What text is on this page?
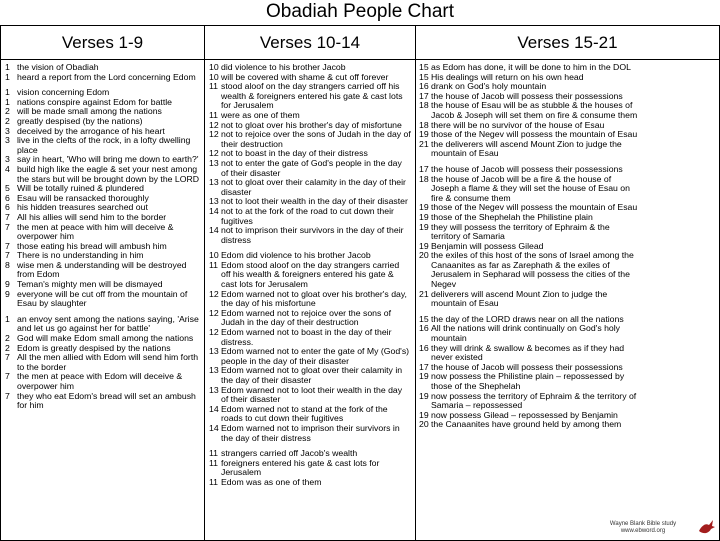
Obadiah People Chart
Verses 1-9	Verses 10-14	Verses 15-21
1 the vision of Obadiah
1 heard a report from the Lord concerning Edom
1 vision concerning Edom
1 nations conspire against Edom for battle
2 will be made small among the nations
2 greatly despised (by the nations)
3 deceived by the arrogance of his heart
3 live in the clefts of the rock, in a lofty dwelling place
3 say in heart, 'Who will bring me down to earth?'
4 build high like the eagle & set your nest among the stars but will be brought down by the LORD
5 Will be totally ruined & plundered
6 Esau will be ransacked thoroughly
6 his hidden treasures searched out
7 All his allies will send him to the border
7 the men at peace with him will deceive & overpower him
7 those eating his bread will ambush him
7 There is no understanding in him
8 wise men & understanding will be destroyed from Edom
9 Teman's mighty men will be dismayed
9 everyone will be cut off from the mountain of Esau by slaughter
1 an envoy sent among the nations saying, 'Arise and let us go against her for battle'
2 God will make Edom small among the nations
2 Edom is greatly despised by the nations
7 All the men allied with Edom will send him forth to the border
7 the men at peace with Edom will deceive & overpower him
7 they who eat Edom's bread will set an ambush for him
10 did violence to his brother Jacob
10 will be covered with shame & cut off forever
11 stood aloof on the day strangers carried off his wealth & foreigners entered his gate & cast lots for Jerusalem
11 were as one of them
12 not to gloat over his brother's day of misfortune
12 not to rejoice over the sons of Judah in the day of their destruction
12 not to boast in the day of their distress
13 not to enter the gate of God's people in the day of their disaster
13 not to gloat over their calamity in the day of their disaster
13 not to loot their wealth in the day of their disaster
14 not to at the fork of the road to cut down their fugitives
14 not to imprison their survivors in the day of their distress
10 Edom did violence to his brother Jacob
11 Edom stood aloof on the day strangers carried off his wealth & foreigners entered his gate & cast lots for Jerusalem
12 Edom warned not to gloat over his brother's day, the day of his misfortune
12 Edom warned not to rejoice over the sons of Judah in the day of their destruction
12 Edom warned not to boast in the day of their distress.
13 Edom warned not to enter the gate of My (God's) people in the day of their disaster
13 Edom warned not to gloat over their calamity in the day of their disaster
13 Edom warned not to loot their wealth in the day of their disaster
14 Edom warned not to stand at the fork of the roads to cut down their fugitives
14 Edom warned not to imprison their survivors in the day of their distress
11 strangers carried off Jacob's wealth
11 foreigners entered his gate & cast lots for Jerusalem
11 Edom was as one of them
15 as Edom has done, it will be done to him in the DOL
15 His dealings will return on his own head
16 drank on God's holy mountain
17 the house of Jacob will possess their possessions
18 the house of Esau will be as stubble & the houses of Jacob & Joseph will set them on fire & consume them
18 there will be no survivor of the house of Esau
19 those of the Negev will possess the mountain of Esau
21 the deliverers will ascend Mount Zion to judge the mountain of Esau
17 the house of Jacob will possess their possessions
18 the house of Jacob will be a fire & the house of Joseph a flame & they will set the house of Esau on fire & consume them
19 those of the Negev will possess the mountain of Esau
19 those of the Shephelah the Philistine plain
19 they will possess the territory of Ephraim & the territory of Samaria
19 Benjamin will possess Gilead
20 the exiles of this host of the sons of Israel among the Canaanites as far as Zarephath & the exiles of Jerusalem in Sepharad will possess the cities of the Negev
21 deliverers will ascend Mount Zion to judge the mountain of Esau
15 the day of the LORD draws near on all the nations
16 All the nations will drink continually on God's holy mountain
16 they will drink & swallow & becomes as if they had never existed
17 the house of Jacob will possess their possessions
19 now possess the Philistine plain – repossessed by those of the Shephelah
19 now possess the territory of Ephraim & the territory of Samaria – repossessed
19 now possess Gilead – repossessed by Benjamin
20 the Canaanites have ground held by among them
Wayne Blank Bible study
www.ebword.org
